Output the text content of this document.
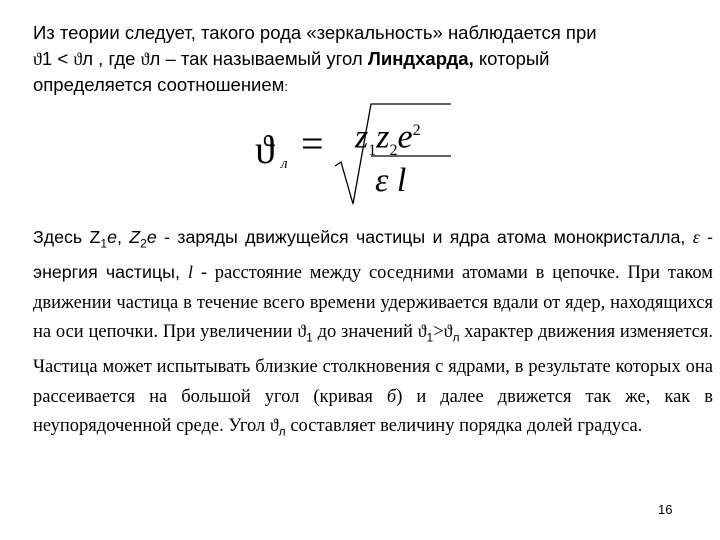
Из теории следует, такого рода «зеркальность» наблюдается при
ϑ1 < ϑл , где ϑл – так называемый угол Линдхарда, который
определяется соотношением:
ϑ $л = z_1z_2e^2$
ε l
Здесь $Z_1e$, $Z_2e$ - заряды движущейся частицы и ядра атома монокристалла, ε - энергия частицы, l - расстояние между соседними атомами в цепочке. При таком движении частица в течение всего времени удерживается вдали от ядер, находящихся на оси цепочки. При увеличении $ϑ_1$ до значений $ϑ_1>ϑ_л$ характер движения изменяется. Частица может испытывать близкие столкновения с ядрами, в результате которых она рассеивается на большой угол (кривая б) и далее движется так же, как в неупорядоченной среде. Угол $ϑ_л$ составляет величину порядка долей градуса.
16
